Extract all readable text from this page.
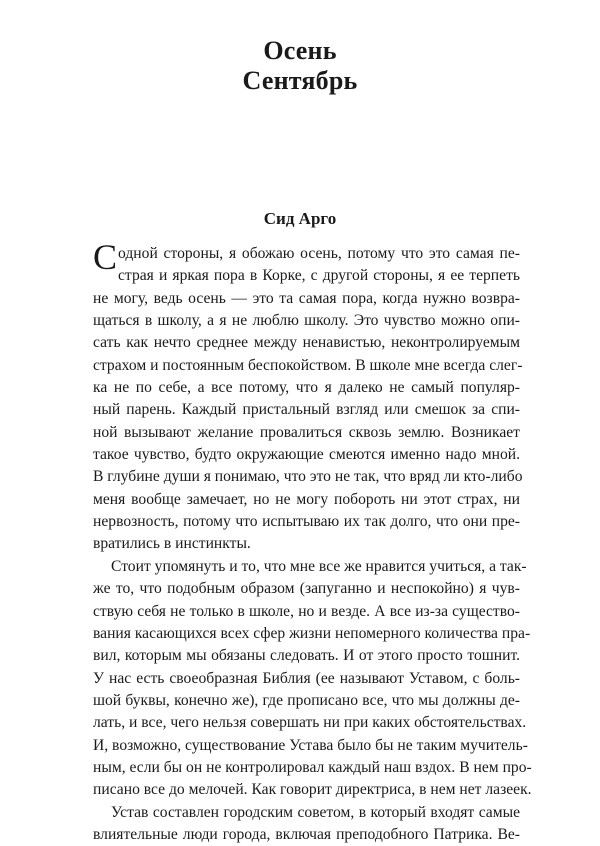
Осень
Сентябрь
Сид Арго
Содной стороны, я обожаю осень, потому что это самая пе-
страя и яркая пора в Корке, с другой стороны, я ее терпеть
не могу, ведь осень — это та самая пора, когда нужно возвра-
щаться в школу, а я не люблю школу. Это чувство можно опи-
сать как нечто среднее между ненавистью, неконтролируемым
страхом и постоянным беспокойством. В школе мне всегда слег-
ка не по себе, а все потому, что я далеко не самый популяр-
ный парень. Каждый пристальный взгляд или смешок за спи-
ной вызывают желание провалиться сквозь землю. Возникает
такое чувство, будто окружающие смеются именно надо мной.
В глубине души я понимаю, что это не так, что вряд ли кто-либо
меня вообще замечает, но не могу побороть ни этот страх, ни
нервозность, потому что испытываю их так долго, что они пре-
вратились в инстинкты.
Стоит упомянуть и то, что мне все же нравится учиться, а так-
же то, что подобным образом (запуганно и неспокойно) я чув-
ствую себя не только в школе, но и везде. А все из-за существо-
вания касающихся всех сфер жизни непомерного количества пра-
вил, которым мы обязаны следовать. И от этого просто тошнит.
У нас есть своеобразная Библия (ее называют Уставом, с боль-
шой буквы, конечно же), где прописано все, что мы должны де-
лать, и все, чего нельзя совершать ни при каких обстоятельствах.
И, возможно, существование Устава было бы не таким мучитель-
ным, если бы он не контролировал каждый наш вздох. В нем про-
писано все до мелочей. Как говорит директриса, в нем нет лазеек.
Устав составлен городским советом, в который входят самые
влиятельные люди города, включая преподобного Патрика. Ве-
